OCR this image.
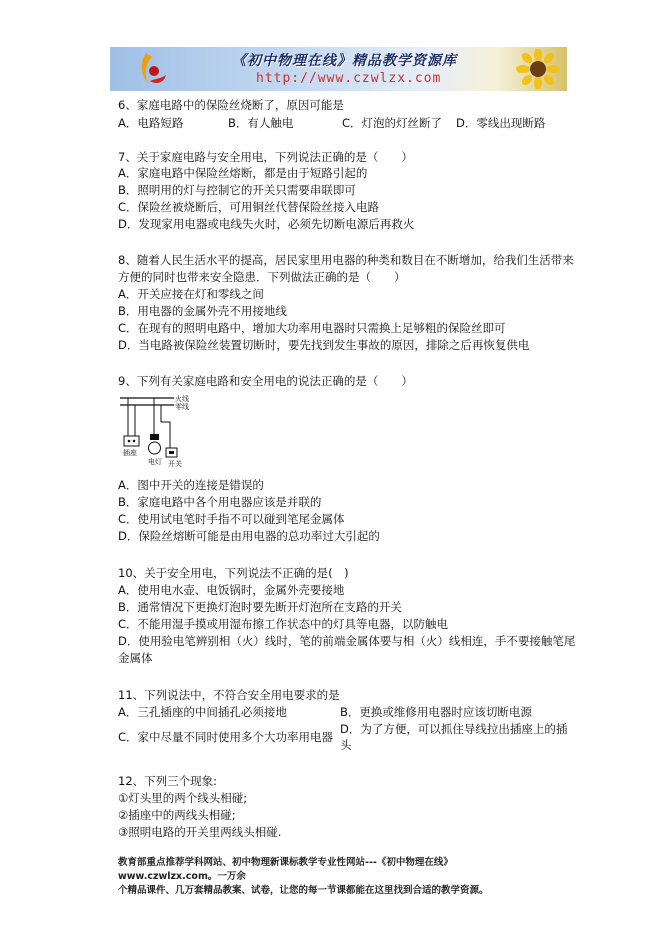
《初中物理在线》精品教学资源库
http://www.czwlzx.com
6、家庭电路中的保险丝烧断了，原因可能是
A．电路短路	B．有人触电	C．灯泡的灯丝断了 D．零线出现断路
7、关于家庭电路与安全用电，下列说法正确的是（　　）
A．家庭电路中保险丝熔断，都是由于短路引起的
B．照明用的灯与控制它的开关只需要串联即可
C．保险丝被烧断后，可用铜丝代替保险丝接入电路
D．发现家用电器或电线失火时，必须先切断电源后再救火
8、随着人民生活水平的提高，居民家里用电器的种类和数目在不断增加，给我们生活带来
方便的同时也带来安全隐患．下列做法正确的是（　　）
A．开关应接在灯和零线之间
B．用电器的金属外壳不用接地线
C．在现有的照明电路中，增加大功率用电器时只需换上足够粗的保险丝即可
D．当电路被保险丝装置切断时，要先找到发生事故的原因，排除之后再恢复供电
9、下列有关家庭电路和安全用电的说法正确的是（　　）
火线
零线
插座
电灯 开关
A．图中开关的连接是错误的
B．家庭电路中各个用电器应该是并联的
C．使用试电笔时手指不可以碰到笔尾金属体
D．保险丝熔断可能是由用电器的总功率过大引起的
10、关于安全用电，下列说法不正确的是(　)
A．使用电水壶、电饭锅时，金属外壳要接地
B．通常情况下更换灯泡时要先断开灯泡所在支路的开关
C．不能用湿手摸或用湿布擦工作状态中的灯具等电器，以防触电
D．使用验电笔辨别相（火）线时，笔的前端金属体要与相（火）线相连，手不要接触笔尾
金属体
11、下列说法中，不符合安全用电要求的是
A．三孔插座的中间插孔必须接地	B．更换或维修用电器时应该切断电源
C．家中尽量不同时使用多个大功率用电器
D．为了方便，可以抓住导线拉出插座上的插
头
12、下列三个现象:
①灯头里的两个线头相碰;
②插座中的两线头相碰;
③照明电路的开关里两线头相碰.
教育部重点推荐学科网站、初中物理新课标教学专业性网站---《初中物理在线》www.czwlzx.com。一万余
个精品课件、几万套精品教案、试卷，让您的每一节课都能在这里找到合适的教学资源。
